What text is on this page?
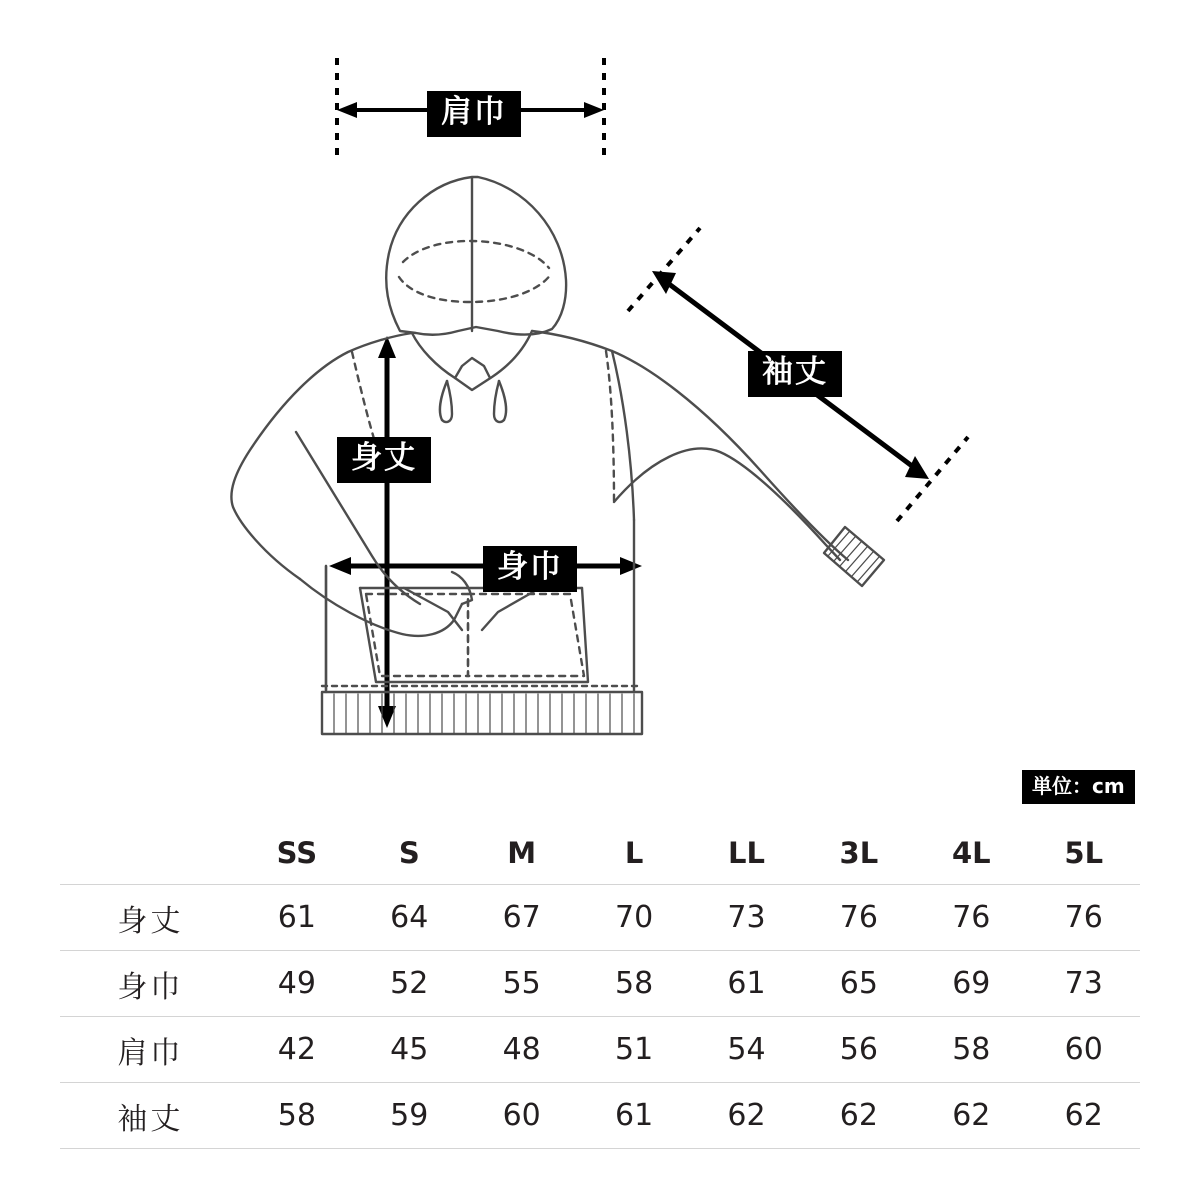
肩巾
袖丈
身丈
身巾
単位：cm
	SS	S	M	L	LL	3L	4L	5L
身丈	61	64	67	70	73	76	76	76
身巾	49	52	55	58	61	65	69	73
肩巾	42	45	48	51	54	56	58	60
袖丈	58	59	60	61	62	62	62	62
